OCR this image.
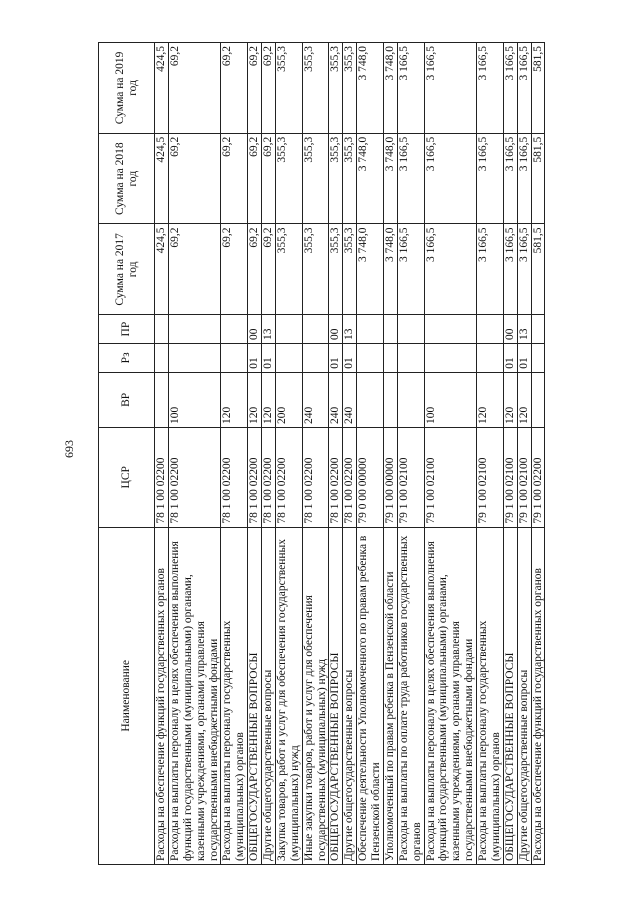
693
Наименование	ЦСР	ВР	Рз	ПР	Сумма на 2017 год	Сумма на 2018 год	Сумма на 2019 год
Расходы на обеспечение функций государственных органов	78 1 00 02200				424,5	424,5	424,5
Расходы на выплаты персоналу в целях обеспечения выполнения функций государственными (муниципальными) органами, казенными учреждениями, органами управления государственными внебюджетными фондами	78 1 00 02200	100			69,2	69,2	69,2
Расходы на выплаты персоналу государственных (муниципальных) органов	78 1 00 02200	120			69,2	69,2	69,2
ОБЩЕГОСУДАРСТВЕННЫЕ ВОПРОСЫ	78 1 00 02200	120	01	00	69,2	69,2	69,2
Другие общегосударственные вопросы	78 1 00 02200	120	01	13	69,2	69,2	69,2
Закупка товаров, работ и услуг для обеспечения государственных (муниципальных) нужд	78 1 00 02200	200			355,3	355,3	355,3
Иные закупки товаров, работ и услуг для обеспечения государственных (муниципальных) нужд	78 1 00 02200	240			355,3	355,3	355,3
ОБЩЕГОСУДАРСТВЕННЫЕ ВОПРОСЫ	78 1 00 02200	240	01	00	355,3	355,3	355,3
Другие общегосударственные вопросы	78 1 00 02200	240	01	13	355,3	355,3	355,3
Обеспечение деятельности Уполномоченного по правам ребенка в Пензенской области	79 0 00 00000				3 748,0	3 748,0	3 748,0
Уполномоченный по правам ребенка в Пензенской области	79 1 00 00000				3 748,0	3 748,0	3 748,0
Расходы на выплаты по оплате труда работников государственных органов	79 1 00 02100				3 166,5	3 166,5	3 166,5
Расходы на выплаты персоналу в целях обеспечения выполнения функций государственными (муниципальными) органами, казенными учреждениями, органами управления государственными внебюджетными фондами	79 1 00 02100	100			3 166,5	3 166,5	3 166,5
Расходы на выплаты персоналу государственных (муниципальных) органов	79 1 00 02100	120			3 166,5	3 166,5	3 166,5
ОБЩЕГОСУДАРСТВЕННЫЕ ВОПРОСЫ	79 1 00 02100	120	01	00	3 166,5	3 166,5	3 166,5
Другие общегосударственные вопросы	79 1 00 02100	120	01	13	3 166,5	3 166,5	3 166,5
Расходы на обеспечение функций государственных органов	79 1 00 02200				581,5	581,5	581,5
